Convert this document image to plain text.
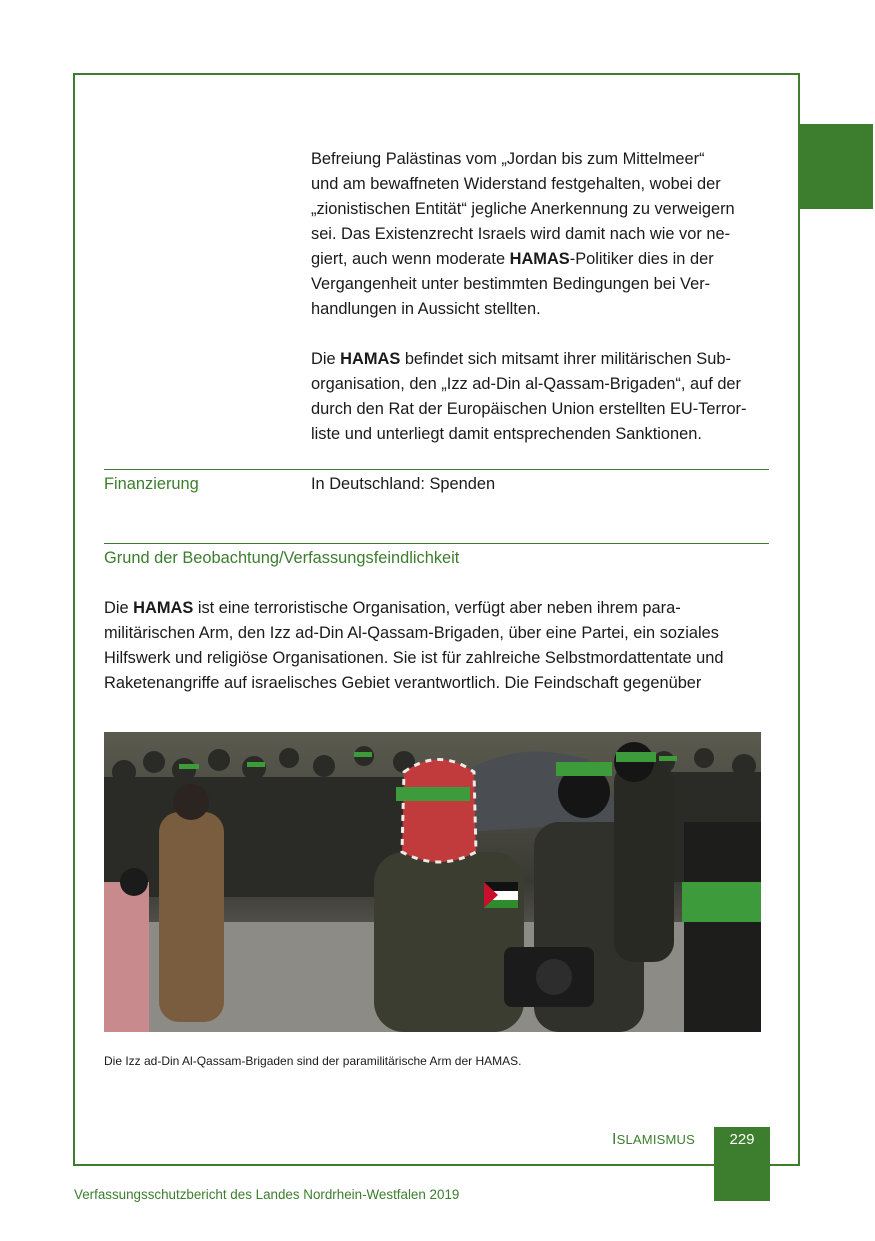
Befreiung Palästinas vom „Jordan bis zum Mittelmeer“
und am bewaffneten Widerstand festgehalten, wobei der
„zionistischen Entität“ jegliche Anerkennung zu verweigern
sei. Das Existenzrecht Israels wird damit nach wie vor ne-
giert, auch wenn moderate HAMAS-Politiker dies in der
Vergangenheit unter bestimmten Bedingungen bei Ver-
handlungen in Aussicht stellten.
Die HAMAS befindet sich mitsamt ihrer militärischen Sub-
organisation, den „Izz ad-Din al-Qassam-Brigaden“, auf der
durch den Rat der Europäischen Union erstellten EU-Terror-
liste und unterliegt damit entsprechenden Sanktionen.
Finanzierung	In Deutschland: Spenden
Grund der Beobachtung/Verfassungsfeindlichkeit
Die HAMAS ist eine terroristische Organisation, verfügt aber neben ihrem para-
militärischen Arm, den Izz ad-Din Al-Qassam-Brigaden, über eine Partei, ein soziales
Hilfswerk und religiöse Organisationen. Sie ist für zahlreiche Selbstmordattentate und
Raketenangriffe auf israelisches Gebiet verantwortlich. Die Feindschaft gegenüber
Die Izz ad-Din Al-Qassam-Brigaden sind der paramilitärische Arm der HAMAS.
ISLAMISMUS	229
Verfassungsschutzbericht des Landes Nordrhein-Westfalen 2019
